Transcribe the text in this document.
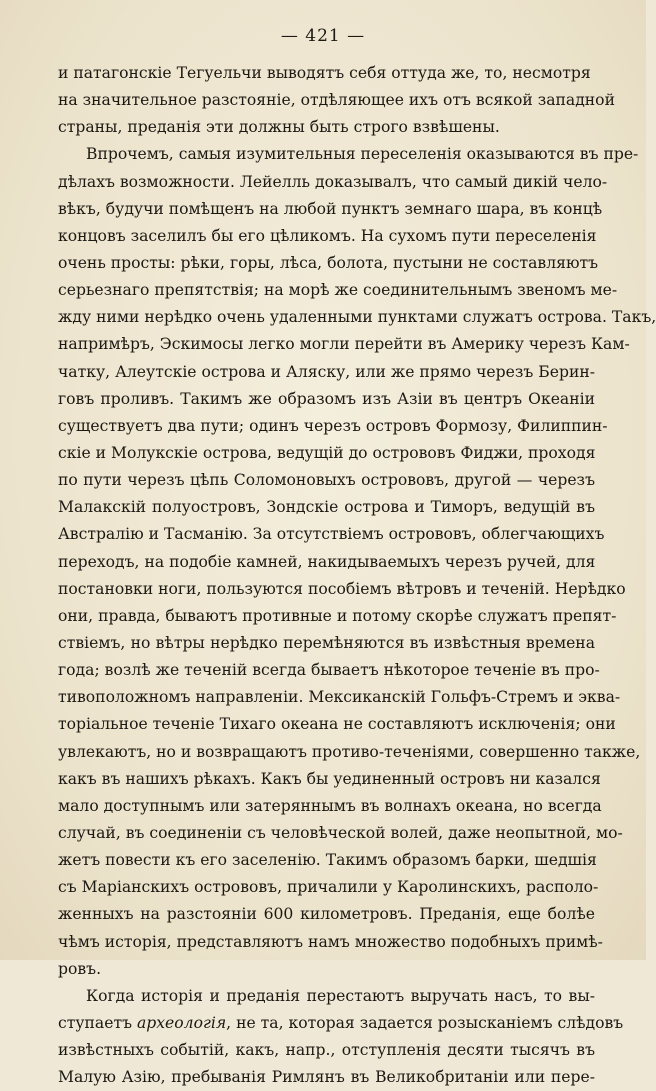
— 421 —
и патагонскіе Тегуельчи выводятъ себя оттуда же, то, несмотря
на значительное разстояніе, отдѣляющее ихъ отъ всякой западной
страны, преданія эти должны быть строго взвѣшены.
Впрочемъ, самыя изумительныя переселенія оказываются въ пре-
дѣлахъ возможности. Лейелль доказывалъ, что самый дикій чело-
вѣкъ, будучи помѣщенъ на любой пунктъ земнаго шара, въ концѣ
концовъ заселилъ бы его цѣликомъ. На сухомъ пути переселенія
очень просты: рѣки, горы, лѣса, болота, пустыни не составляютъ
серьезнаго препятствія; на морѣ же соединительнымъ звеномъ ме-
жду ними нерѣдко очень удаленными пунктами служатъ острова. Такъ,
напримѣръ, Эскимосы легко могли перейти въ Америку черезъ Кам-
чатку, Алеутскіе острова и Аляску, или же прямо черезъ Берин-
говъ проливъ. Такимъ же образомъ изъ Азіи въ центръ Океаніи
существуетъ два пути; одинъ черезъ островъ Формозу, Филиппин-
скіе и Молукскіе острова, ведущій до острововъ Фиджи, проходя
по пути черезъ цѣпь Соломоновыхъ острововъ, другой — черезъ
Малакскій полуостровъ, Зондскіе острова и Тиморъ, ведущій въ
Австралію и Тасманію. За отсутствіемъ острововъ, облегчающихъ
переходъ, на подобіе камней, накидываемыхъ черезъ ручей, для
постановки ноги, пользуются пособіемъ вѣтровъ и теченій. Нерѣдко
они, правда, бываютъ противные и потому скорѣе служатъ препят-
ствіемъ, но вѣтры нерѣдко перемѣняются въ извѣстныя времена
года; возлѣ же теченій всегда бываетъ нѣкоторое теченіе въ про-
тивоположномъ направленіи. Мексиканскій Гольфъ-Стремъ и эква-
торіальное теченіе Тихаго океана не составляютъ исключенія; они
увлекаютъ, но и возвращаютъ противо-теченіями, совершенно также,
какъ въ нашихъ рѣкахъ. Какъ бы уединенный островъ ни казался
мало доступнымъ или затеряннымъ въ волнахъ океана, но всегда
случай, въ соединеніи съ человѣческой волей, даже неопытной, мо-
жетъ повести къ его заселенію. Такимъ образомъ барки, шедшія
съ Маріанскихъ острововъ, причалили у Каролинскихъ, располо-
женныхъ на разстояніи 600 километровъ. Преданія, еще болѣе
чѣмъ исторія, представляютъ намъ множество подобныхъ примѣ-
ровъ.
Когда исторія и преданія перестаютъ выручать насъ, то вы-
ступаетъ археологія, не та, которая задается розысканіемъ слѣдовъ
извѣстныхъ событій, какъ, напр., отступленія десяти тысячъ въ
Малую Азію, пребыванія Римлянъ въ Великобританіи или пере-
